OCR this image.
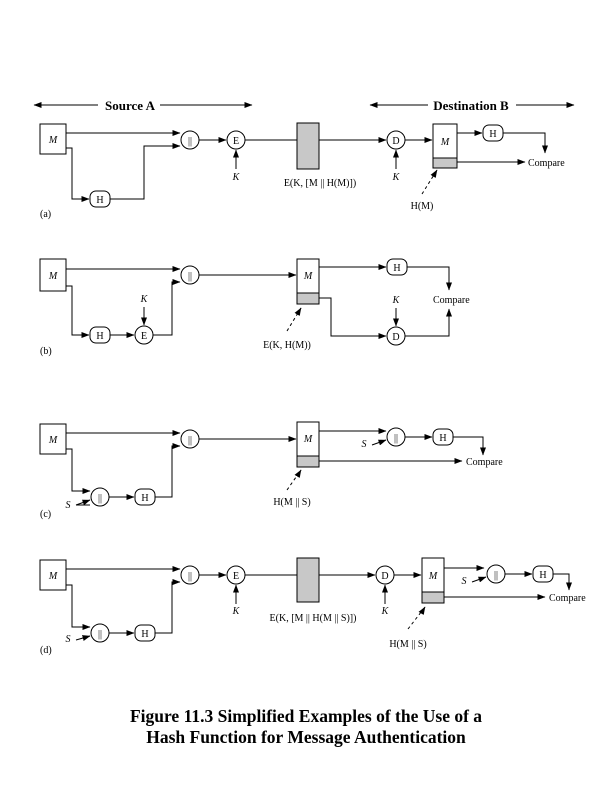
Source A	Destination B
M
H
||	E
K
E(K, [M || H(M)])
D
K
M
H
Compare
H(M)
(a)
M
H	E
K
||	M
H
D
K	Compare
E(K, H(M))
(b)
M
S
||	H
||	M	S
||	H
Compare
H(M || S)
(c)
M
S	||	H
||	E
K
E(K, [M || H(M || S)])
D
K
M S
||	H
Compare
H(M || S)
(d)
Figure 11.3 Simplified Examples of the Use of a
Hash Function for Message Authentication
